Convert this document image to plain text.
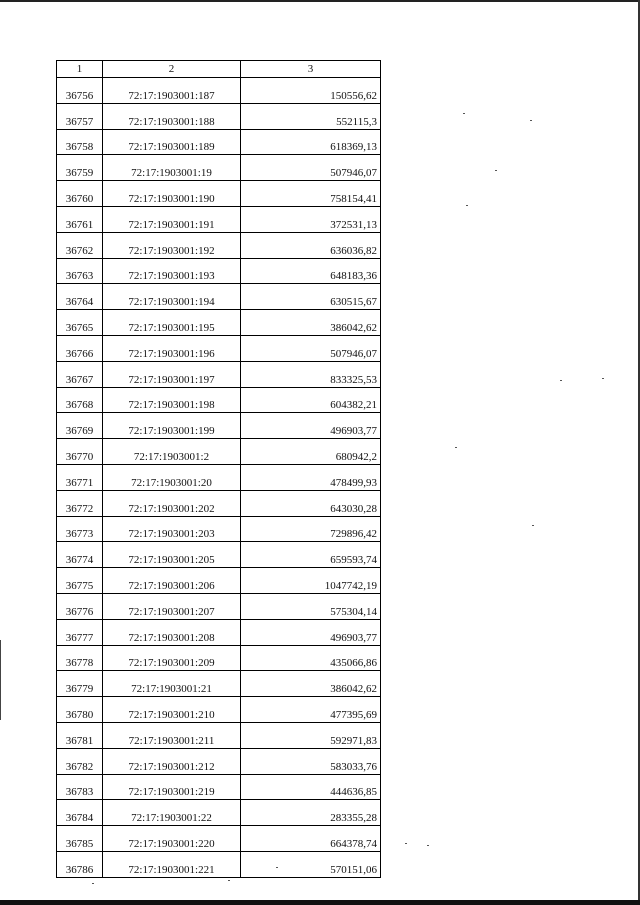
1	2	3
36756	72:17:1903001:187	150556,62
36757	72:17:1903001:188	552115,3
36758	72:17:1903001:189	618369,13
36759	72:17:1903001:19	507946,07
36760	72:17:1903001:190	758154,41
36761	72:17:1903001:191	372531,13
36762	72:17:1903001:192	636036,82
36763	72:17:1903001:193	648183,36
36764	72:17:1903001:194	630515,67
36765	72:17:1903001:195	386042,62
36766	72:17:1903001:196	507946,07
36767	72:17:1903001:197	833325,53
36768	72:17:1903001:198	604382,21
36769	72:17:1903001:199	496903,77
36770	72:17:1903001:2	680942,2
36771	72:17:1903001:20	478499,93
36772	72:17:1903001:202	643030,28
36773	72:17:1903001:203	729896,42
36774	72:17:1903001:205	659593,74
36775	72:17:1903001:206	1047742,19
36776	72:17:1903001:207	575304,14
36777	72:17:1903001:208	496903,77
36778	72:17:1903001:209	435066,86
36779	72:17:1903001:21	386042,62
36780	72:17:1903001:210	477395,69
36781	72:17:1903001:211	592971,83
36782	72:17:1903001:212	583033,76
36783	72:17:1903001:219	444636,85
36784	72:17:1903001:22	283355,28
36785	72:17:1903001:220	664378,74
36786	72:17:1903001:221	570151,06
